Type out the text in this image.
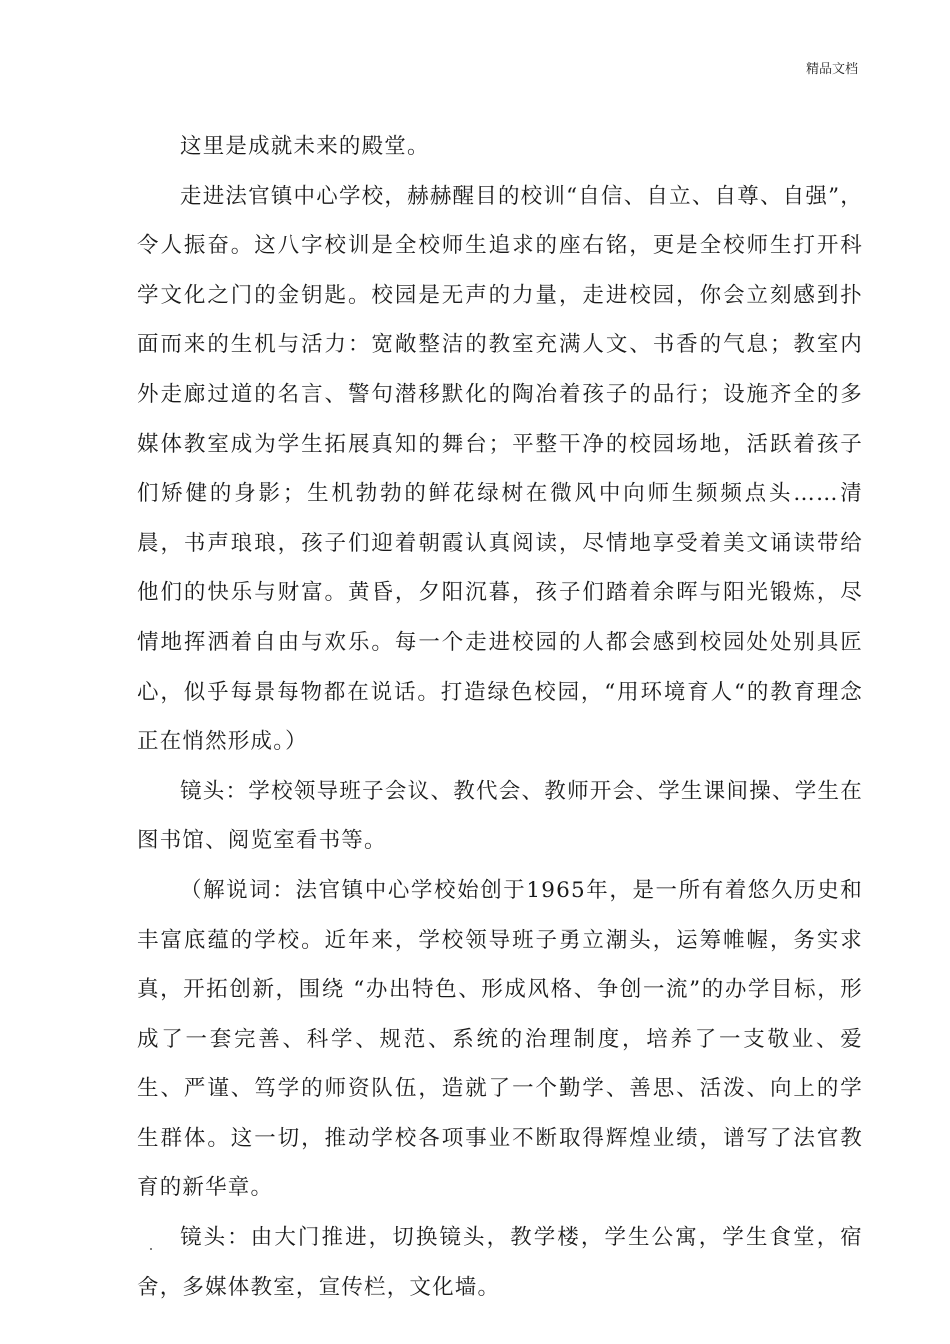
精品文档

这里是成就未来的殿堂。

走进法官镇中心学校，赫赫醒目的校训“自信、自立、自尊、自强”，令人振奋。这八字校训是全校师生追求的座右铭，更是全校师生打开科学文化之门的金钥匙。校园是无声的力量，走进校园，你会立刻感到扑面而来的生机与活力：宽敞整洁的教室充满人文、书香的气息；教室内外走廊过道的名言、警句潜移默化的陶冶着孩子的品行；设施齐全的多媒体教室成为学生拓展真知的舞台；平整干净的校园场地，活跃着孩子们矫健的身影；生机勃勃的鲜花绿树在微风中向师生频频点头……清晨，书声琅琅，孩子们迎着朝霞认真阅读，尽情地享受着美文诵读带给他们的快乐与财富。黄昏，夕阳沉暮，孩子们踏着余晖与阳光锻炼，尽情地挥洒着自由与欢乐。每一个走进校园的人都会感到校园处处别具匠心，似乎每景每物都在说话。打造绿色校园，“用环境育人“的教育理念正在悄然形成。）

镜头：学校领导班子会议、教代会、教师开会、学生课间操、学生在图书馆、阅览室看书等。

（解说词：法官镇中心学校始创于1965年，是一所有着悠久历史和丰富底蕴的学校。近年来，学校领导班子勇立潮头，运筹帷幄，务实求真，开拓创新，围绕 “办出特色、形成风格、争创一流”的办学目标，形成了一套完善、科学、规范、系统的治理制度，培养了一支敬业、爱生、严谨、笃学的师资队伍，造就了一个勤学、善思、活泼、向上的学生群体。这一切，推动学校各项事业不断取得辉煌业绩，谱写了法官教育的新华章。

镜头：由大门推进，切换镜头，教学楼，学生公寓，学生食堂，宿舍，多媒体教室，宣传栏，文化墙。
